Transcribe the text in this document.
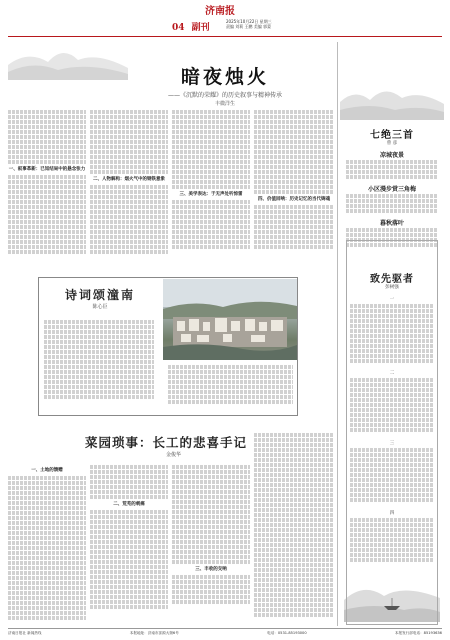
济南报
04 副刊
2025年10月22日 星期三
责编 刘莉 王鹏 美编 郭蒙
暗夜烛火
——《沉默的荣耀》的历史叙事与精神传承
丰微洋生
一、叙事革新：已知结局中的悬念张力
二、人物解构：烟火气中的钢铁意象
三、美学表达：于无声处听惊雷
四、价值回响：历史记忆的当代铸魂
诗词颂潼南
陈心臣
菜园琐事：长工的悲喜手记
金俊华
一、土地的馈赠
二、荒芜的刺痛
三、丰收的交响
七绝三首
曾 彦
凉城夜景
小区漫步赏三角梅
暮秋落叶
致先驱者
彭树强
一
二
三
四
济南日报社 新闻热线	本报地址：济南市泺源大街6号	电话：0531-85193000	本报发行部电话：85193636
